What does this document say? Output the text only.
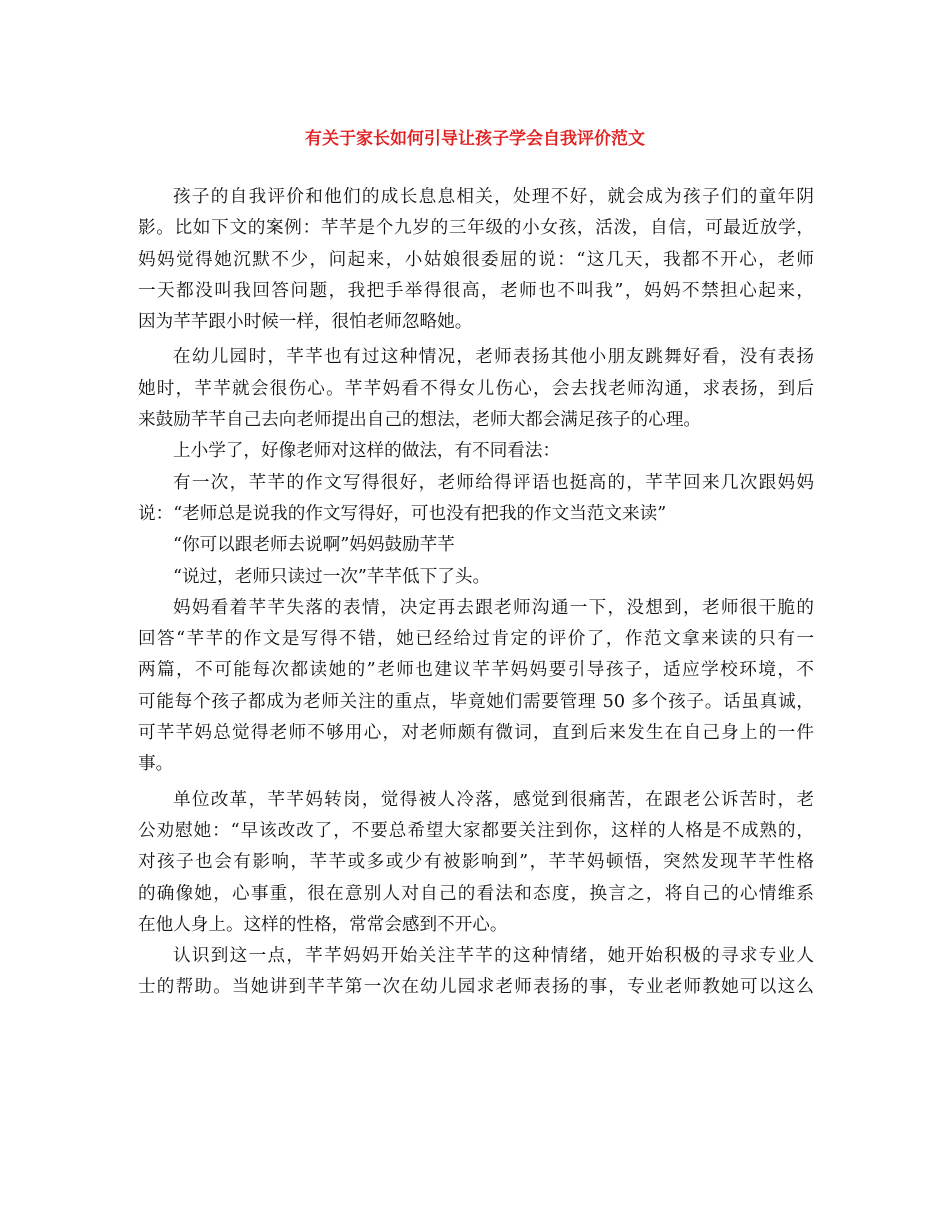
有关于家长如何引导让孩子学会自我评价范文
孩子的自我评价和他们的成长息息相关，处理不好，就会成为孩子们的童年阴
影。比如下文的案例：芊芊是个九岁的三年级的小女孩，活泼，自信，可最近放学，
妈妈觉得她沉默不少，问起来，小姑娘很委屈的说：“这几天，我都不开心，老师
一天都没叫我回答问题，我把手举得很高，老师也不叫我”，妈妈不禁担心起来，
因为芊芊跟小时候一样，很怕老师忽略她。
在幼儿园时，芊芊也有过这种情况，老师表扬其他小朋友跳舞好看，没有表扬
她时，芊芊就会很伤心。芊芊妈看不得女儿伤心，会去找老师沟通，求表扬，到后
来鼓励芊芊自己去向老师提出自己的想法，老师大都会满足孩子的心理。
上小学了，好像老师对这样的做法，有不同看法：
有一次，芊芊的作文写得很好，老师给得评语也挺高的，芊芊回来几次跟妈妈
说：“老师总是说我的作文写得好，可也没有把我的作文当范文来读”
“你可以跟老师去说啊”妈妈鼓励芊芊
“说过，老师只读过一次”芊芊低下了头。
妈妈看着芊芊失落的表情，决定再去跟老师沟通一下，没想到，老师很干脆的
回答“芊芊的作文是写得不错，她已经给过肯定的评价了，作范文拿来读的只有一
两篇，不可能每次都读她的”老师也建议芊芊妈妈要引导孩子，适应学校环境，不
可能每个孩子都成为老师关注的重点，毕竟她们需要管理 50 多个孩子。话虽真诚，
可芊芊妈总觉得老师不够用心，对老师颇有微词，直到后来发生在自己身上的一件
事。
单位改革，芊芊妈转岗，觉得被人冷落，感觉到很痛苦，在跟老公诉苦时，老
公劝慰她：“早该改改了，不要总希望大家都要关注到你，这样的人格是不成熟的，
对孩子也会有影响，芊芊或多或少有被影响到”，芊芊妈顿悟，突然发现芊芊性格
的确像她，心事重，很在意别人对自己的看法和态度，换言之，将自己的心情维系
在他人身上。这样的性格，常常会感到不开心。
认识到这一点，芊芊妈妈开始关注芊芊的这种情绪，她开始积极的寻求专业人
士的帮助。当她讲到芊芊第一次在幼儿园求老师表扬的事，专业老师教她可以这么
